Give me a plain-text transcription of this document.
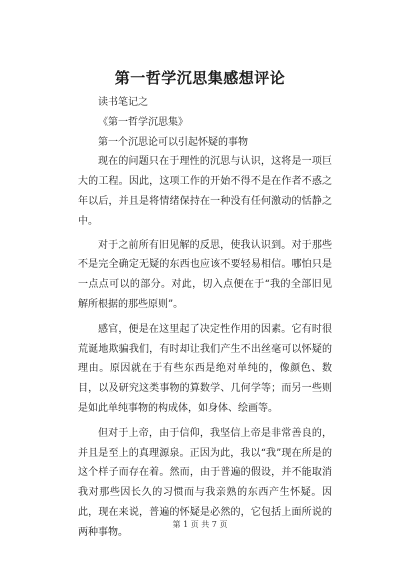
第一哲学沉思集感想评论

读书笔记之

《第一哲学沉思集》

第一个沉思论可以引起怀疑的事物

现在的问题只在于理性的沉思与认识，这将是一项巨大的工程。因此，这项工作的开始不得不是在作者不惑之年以后，并且是将情绪保持在一种没有任何激动的恬静之中。

对于之前所有旧见解的反思，使我认识到。对于那些不是完全确定无疑的东西也应该不要轻易相信。哪怕只是一点点可以的部分。对此，切入点便在于“我的全部旧见解所根据的那些原则”。

感官，便是在这里起了决定性作用的因素。它有时很荒诞地欺骗我们，有时却让我们产生不出丝毫可以怀疑的理由。原因就在于有些东西是绝对单纯的，像颜色、数目，以及研究这类事物的算数学、几何学等；而另一些则是如此单纯事物的构成体，如身体、绘画等。

但对于上帝，由于信仰，我坚信上帝是非常善良的，并且是至上的真理源泉。正因为此，我以“我”现在所是的这个样子而存在着。然而，由于普遍的假设，并不能取消我对那些因长久的习惯而与我亲熟的东西产生怀疑。因此，现在来说，普遍的怀疑是必然的，它包括上面所说的两种事物。

第 1 页 共 7 页
